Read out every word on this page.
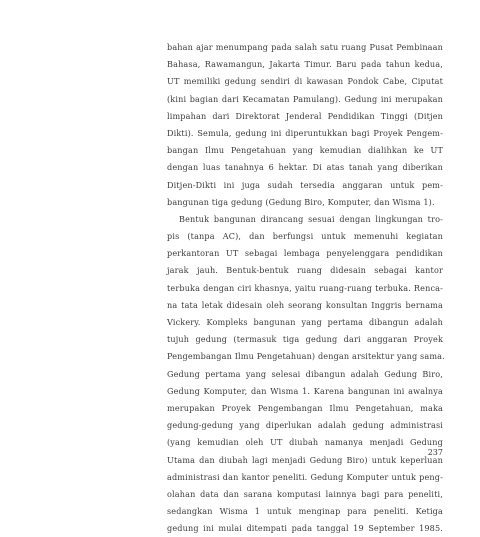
bahan ajar menumpang pada salah satu ruang Pusat Pembinaan
Bahasa, Rawamangun, Jakarta Timur. Baru pada tahun kedua,
UT memiliki gedung sendiri di kawasan Pondok Cabe, Ciputat
(kini bagian dari Kecamatan Pamulang). Gedung ini merupakan
limpahan dari Direktorat Jenderal Pendidikan Tinggi (Ditjen
Dikti). Semula, gedung ini diperuntukkan bagi Proyek Pengem-
bangan Ilmu Pengetahuan yang kemudian dialihkan ke UT
dengan luas tanahnya 6 hektar. Di atas tanah yang diberikan
Ditjen-Dikti ini juga sudah tersedia anggaran untuk pem-
bangunan tiga gedung (Gedung Biro, Komputer, dan Wisma 1).
Bentuk bangunan dirancang sesuai dengan lingkungan tro-
pis (tanpa AC), dan berfungsi untuk memenuhi kegiatan
perkantoran UT sebagai lembaga penyelenggara pendidikan
jarak jauh. Bentuk-bentuk ruang didesain sebagai kantor
terbuka dengan ciri khasnya, yaitu ruang-ruang terbuka. Renca-
na tata letak didesain oleh seorang konsultan Inggris bernama
Vickery. Kompleks bangunan yang pertama dibangun adalah
tujuh gedung (termasuk tiga gedung dari anggaran Proyek
Pengembangan Ilmu Pengetahuan) dengan arsitektur yang sama.
Gedung pertama yang selesai dibangun adalah Gedung Biro,
Gedung Komputer, dan Wisma 1. Karena bangunan ini awalnya
merupakan Proyek Pengembangan Ilmu Pengetahuan, maka
gedung-gedung yang diperlukan adalah gedung administrasi
(yang kemudian oleh UT diubah namanya menjadi Gedung
Utama dan diubah lagi menjadi Gedung Biro) untuk keperluan
administrasi dan kantor peneliti. Gedung Komputer untuk peng-
olahan data dan sarana komputasi lainnya bagi para peneliti,
sedangkan Wisma 1 untuk menginap para peneliti. Ketiga
gedung ini mulai ditempati pada tanggal 19 September 1985.
237
